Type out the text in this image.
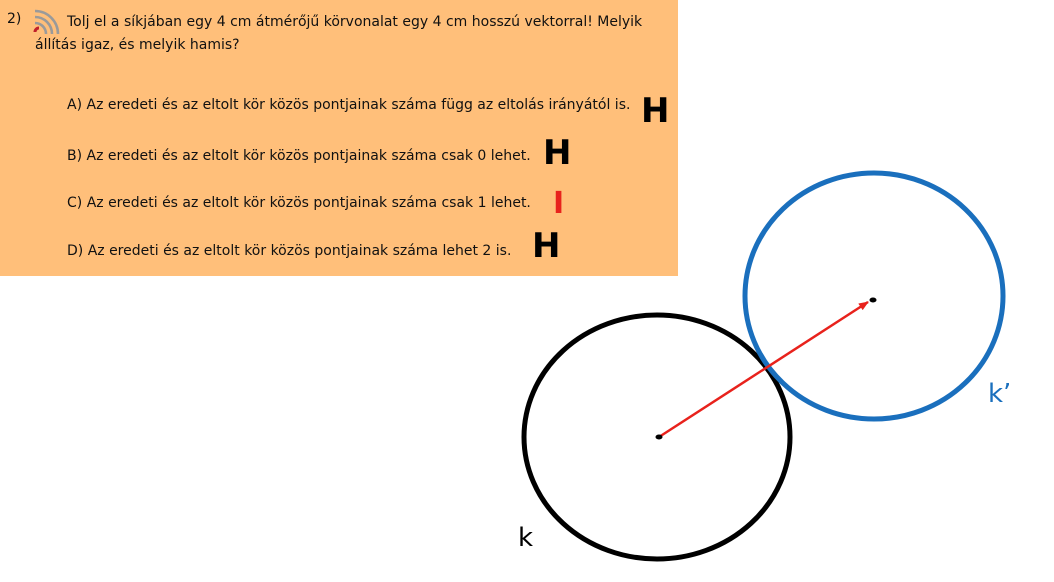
2)	Tolj el a síkjában egy 4 cm átmérőjű körvonalat egy 4 cm hosszú vektorral! Melyik állítás igaz, és melyik hamis?
A) Az eredeti és az eltolt kör közös pontjainak száma függ az eltolás irányától is. H
B) Az eredeti és az eltolt kör közös pontjainak száma csak 0 lehet. H
C) Az eredeti és az eltolt kör közös pontjainak száma csak 1 lehet. I
D) Az eredeti és az eltolt kör közös pontjainak száma lehet 2 is. H
k
k’
